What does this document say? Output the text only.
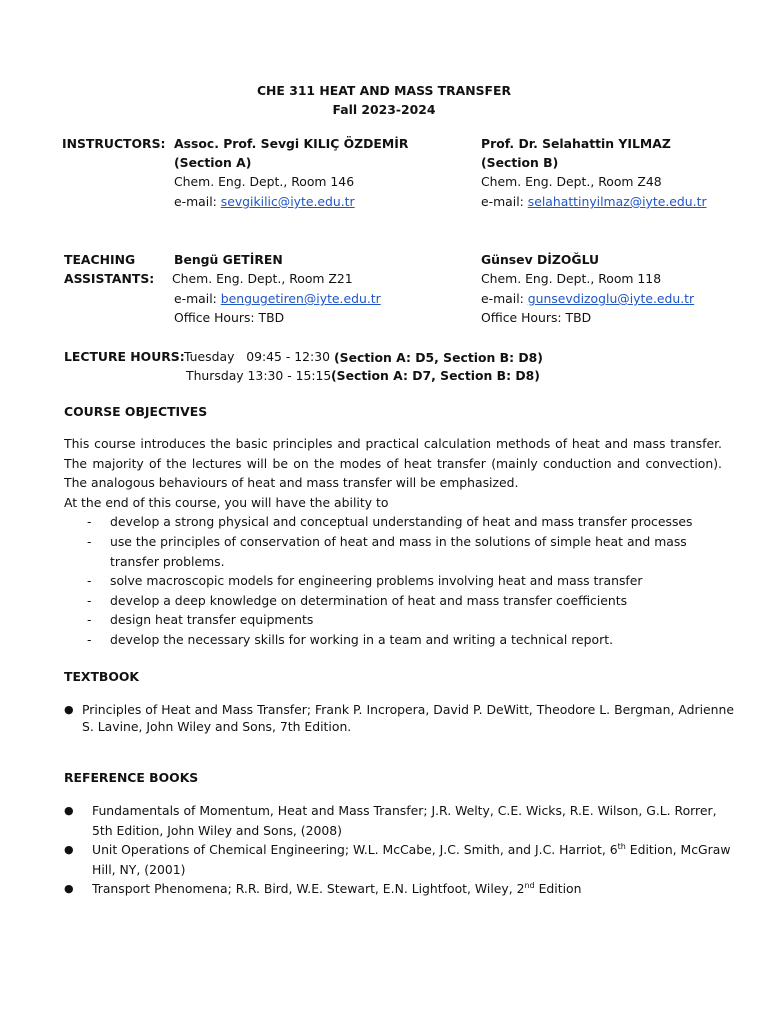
CHE 311 HEAT AND MASS TRANSFER
Fall 2023-2024
INSTRUCTORS: Assoc. Prof. Sevgi KILIÇ ÖZDEMİR
(Section A)
Chem. Eng. Dept., Room 146
e-mail: sevgikilic@iyte.edu.tr
Prof. Dr. Selahattin YILMAZ
(Section B)
Chem. Eng. Dept., Room Z48
e-mail: selahattinyilmaz@iyte.edu.tr
TEACHING
ASSISTANTS:
Bengü GETİREN
Chem. Eng. Dept., Room Z21
e-mail: bengugetiren@iyte.edu.tr
Office Hours: TBD
Günsev DİZOĞLU
Chem. Eng. Dept., Room 118
e-mail: gunsevdizoglu@iyte.edu.tr
Office Hours: TBD
LECTURE HOURS: Tuesday   09:45 - 12:30 (Section A: D5, Section B: D8)
Thursday 13:30 - 15:15 (Section A: D7, Section B: D8)
COURSE OBJECTIVES
This course introduces the basic principles and practical calculation methods of heat and mass transfer. The majority of the lectures will be on the modes of heat transfer (mainly conduction and convection). The analogous behaviours of heat and mass transfer will be emphasized.
At the end of this course, you will have the ability to
- develop a strong physical and conceptual understanding of heat and mass transfer processes
- use the principles of conservation of heat and mass in the solutions of simple heat and mass transfer problems.
- solve macroscopic models for engineering problems involving heat and mass transfer
- develop a deep knowledge on determination of heat and mass transfer coefficients
- design heat transfer equipments
- develop the necessary skills for working in a team and writing a technical report.
TEXTBOOK
● Principles of Heat and Mass Transfer; Frank P. Incropera, David P. DeWitt, Theodore L. Bergman, Adrienne S. Lavine, John Wiley and Sons, 7th Edition.
REFERENCE BOOKS
● Fundamentals of Momentum, Heat and Mass Transfer; J.R. Welty, C.E. Wicks, R.E. Wilson, G.L. Rorrer, 5th Edition, John Wiley and Sons, (2008)
● Unit Operations of Chemical Engineering; W.L. McCabe, J.C. Smith, and J.C. Harriot, 6th Edition, McGraw Hill, NY, (2001)
● Transport Phenomena; R.R. Bird, W.E. Stewart, E.N. Lightfoot, Wiley, 2nd Edition
